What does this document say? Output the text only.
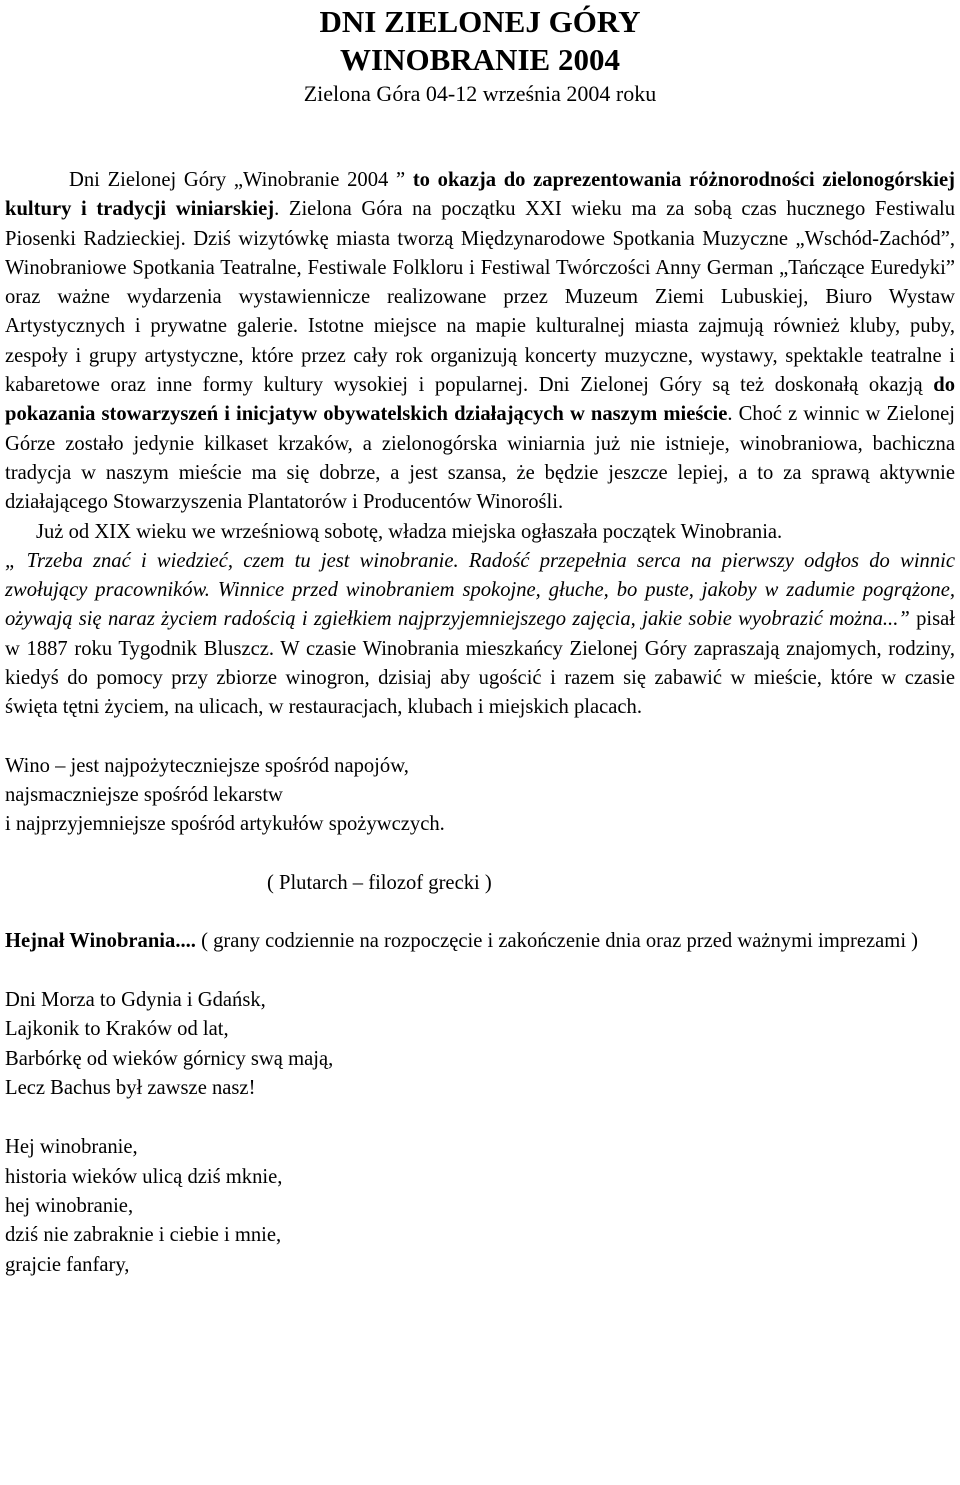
DNI ZIELONEJ GÓRY
WINOBRANIE 2004

Zielona Góra 04-12 września 2004 roku

Dni Zielonej Góry „Winobranie 2004 ” to okazja do zaprezentowania różnorodności zielonogórskiej kultury i tradycji winiarskiej. Zielona Góra na początku XXI wieku ma za sobą czas hucznego Festiwalu Piosenki Radzieckiej. Dziś wizytówkę miasta tworzą Międzynarodowe Spotkania Muzyczne „Wschód-Zachód”, Winobraniowe Spotkania Teatralne, Festiwale Folkloru i Festiwal Twórczości Anny German „Tańczące Euredyki” oraz ważne wydarzenia wystawiennicze realizowane przez Muzeum Ziemi Lubuskiej, Biuro Wystaw Artystycznych i prywatne galerie. Istotne miejsce na mapie kulturalnej miasta zajmują również kluby, puby, zespoły i grupy artystyczne, które przez cały rok organizują koncerty muzyczne, wystawy, spektakle teatralne i kabaretowe oraz inne formy kultury wysokiej i popularnej. Dni Zielonej Góry są też doskonałą okazją do pokazania stowarzyszeń i inicjatyw obywatelskich działających w naszym mieście. Choć z winnic w Zielonej Górze zostało jedynie kilkaset krzaków, a zielonogórska winiarnia już nie istnieje, winobraniowa, bachiczna tradycja w naszym mieście ma się dobrze, a jest szansa, że będzie jeszcze lepiej, a to za sprawą aktywnie działającego Stowarzyszenia Plantatorów i Producentów Winorośli.

Już od XIX wieku we wrześniową sobotę, władza miejska ogłaszała początek Winobrania.

„ Trzeba znać i wiedzieć, czem tu jest winobranie. Radość przepełnia serca na pierwszy odgłos do winnic zwołujący pracowników. Winnice przed winobraniem spokojne, głuche, bo puste, jakoby w zadumie pogrążone, ożywają się naraz życiem radością i zgiełkiem najprzyjemniejszego zajęcia, jakie sobie wyobrazić można...” pisał w 1887 roku Tygodnik Bluszcz. W czasie Winobrania mieszkańcy Zielonej Góry zapraszają znajomych, rodziny, kiedyś do pomocy przy zbiorze winogron, dzisiaj aby ugościć i razem się zabawić w mieście, które w czasie święta tętni życiem, na ulicach, w restauracjach, klubach i miejskich placach.

Wino – jest najpożyteczniejsze spośród napojów,
najsmaczniejsze spośród lekarstw
i najprzyjemniejsze spośród artykułów spożywczych.

( Plutarch – filozof grecki )

Hejnał Winobrania.... ( grany codziennie na rozpoczęcie i zakończenie dnia oraz przed ważnymi imprezami )

Dni Morza to Gdynia i Gdańsk,
Lajkonik to Kraków od lat,
Barbórkę od wieków górnicy swą mają,
Lecz Bachus był zawsze nasz!
Hej winobranie,
historia wieków ulicą dziś mknie,
hej winobranie,
dziś nie zabraknie i ciebie i mnie,
grajcie fanfary,
